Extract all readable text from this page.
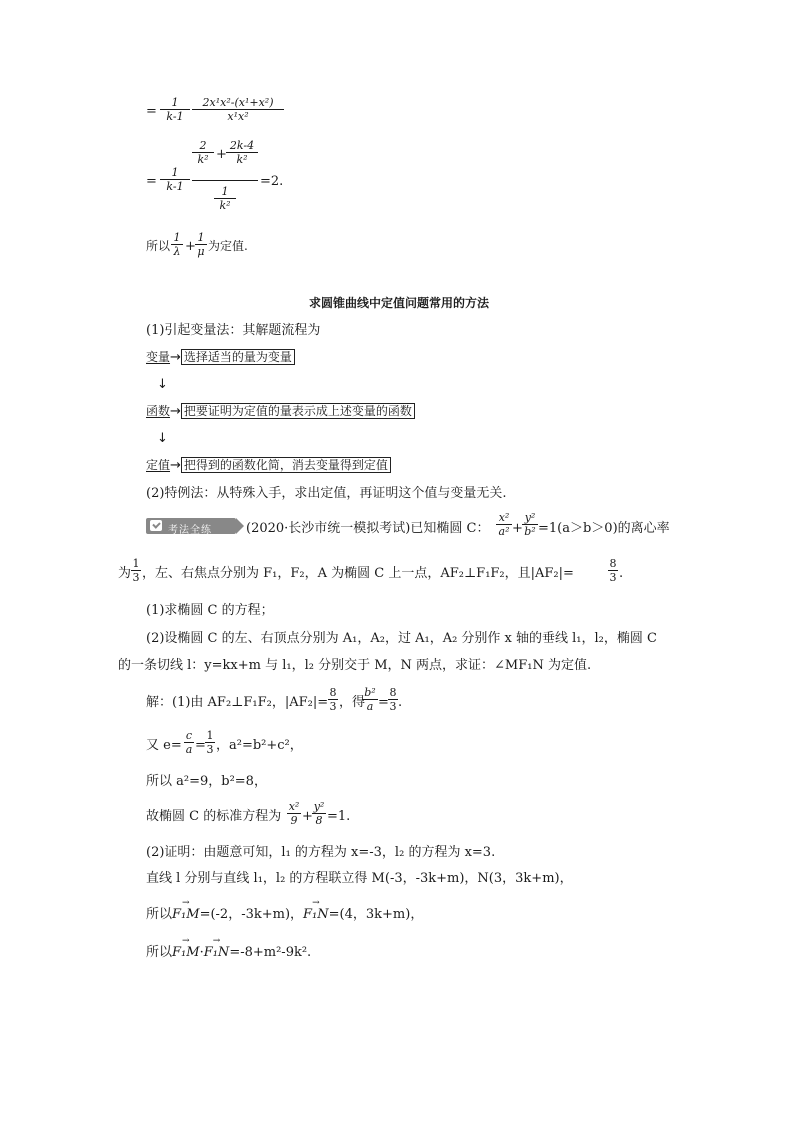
=
1
k-1
2x¹x²-(x¹+x²)
x¹x²
=
1
k-1
2
k² +
2k-4
k²
1
k²
=2.
所以
1
λ +
1
μ 为定值.
求圆锥曲线中定值问题常用的方法
(1)引起变量法：其解题流程为
变量→ 选择适当的量为变量
↓
函数→ 把要证明为定值的量表示成上述变量的函数
↓
定值→ 把得到的函数化简，消去变量得到定值
(2)特例法：从特殊入手，求出定值，再证明这个值与变量无关.
考法全练	(2020·长沙市统一模拟考试)已知椭圆 C：
x²
a² +
y²
b² =1(a＞b＞0)的离心率
为
1
3 ，左、右焦点分别为 F₁，F₂，A 为椭圆 C 上一点，AF₂⊥F₁F₂，且|AF₂|=
8
3 .
(1)求椭圆 C 的方程；
(2)设椭圆 C 的左、右顶点分别为 A₁，A₂，过 A₁，A₂ 分别作 x 轴的垂线 l₁，l₂，椭圆 C
的一条切线 l：y=kx+m 与 l₁，l₂ 分别交于 M，N 两点，求证：∠MF₁N 为定值.
解：(1)由 AF₂⊥F₁F₂，|AF₂|=
8
3 ，得
b²
a =
8
3 .
又 e=
c
a =
1
3 ，a²=b²+c²，
所以 a²=9，b²=8，
故椭圆 C 的标准方程为
x²
9 +
y²
8 =1.
(2)证明：由题意可知，l₁ 的方程为 x=-3，l₂ 的方程为 x=3.
直线 l 分别与直线 l₁，l₂ 的方程联立得 M(-3，-3k+m)，N(3，3k+m)，
所以→ F₁M=(-2，-3k+m)，→ F₁N=(4，3k+m)，
所以→ F₁M·→ F₁N=-8+m²-9k².
